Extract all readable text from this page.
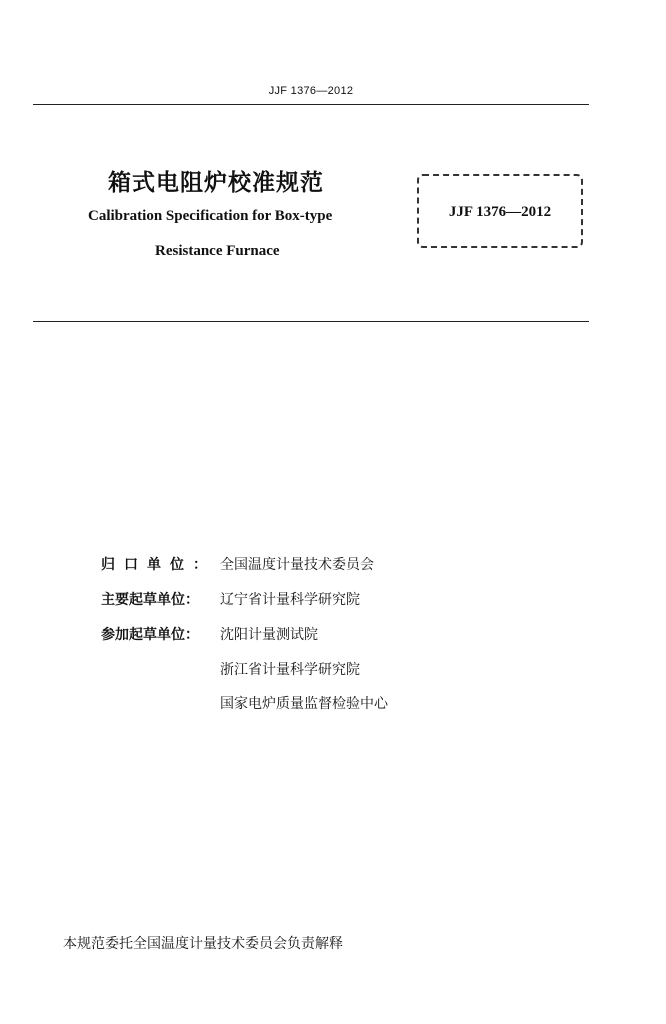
JJF 1376—2012
箱式电阻炉校准规范
Calibration Specification for Box-type
Resistance Furnace
JJF 1376—2012
归口单位： 全国温度计量技术委员会
主要起草单位：	辽宁省计量科学研究院
参加起草单位：	沈阳计量测试院
浙江省计量科学研究院
国家电炉质量监督检验中心
本规范委托全国温度计量技术委员会负责解释
